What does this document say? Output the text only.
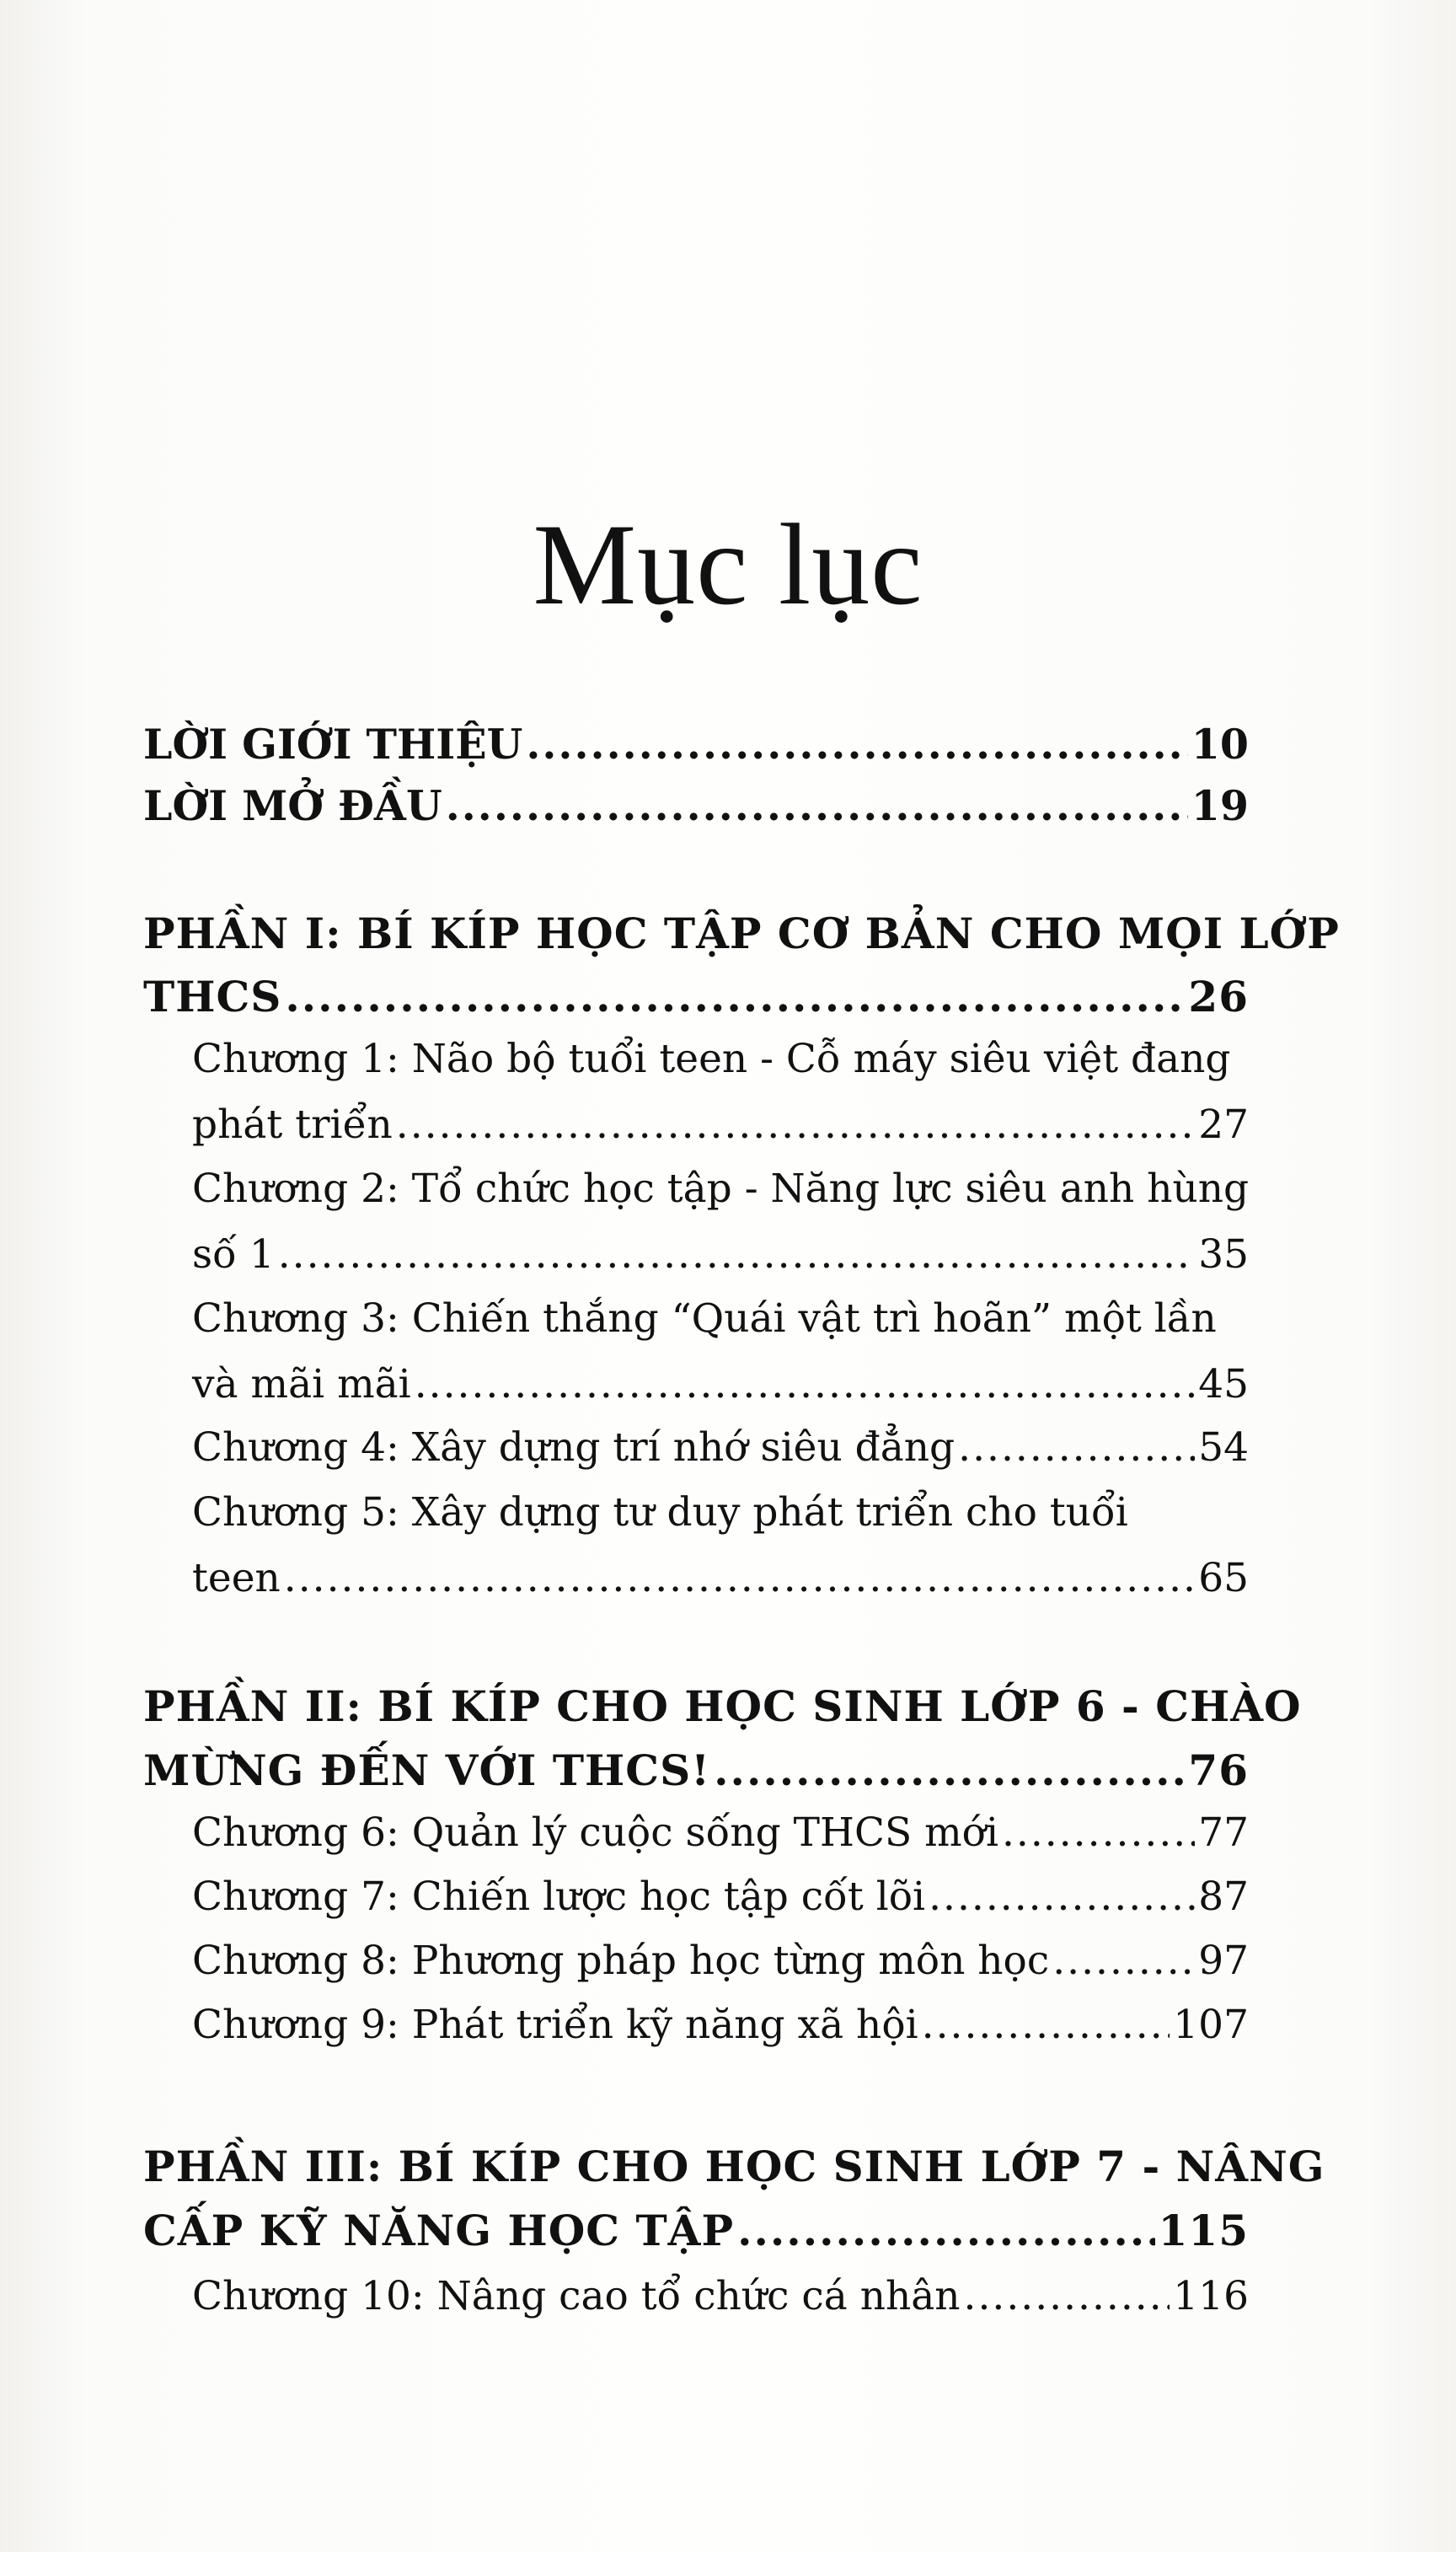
Mục lục
LỜI GIỚI THIỆU .....	10
LỜI MỞ ĐẦU .....	19
PHẦN I: BÍ KÍP HỌC TẬP CƠ BẢN CHO MỌI LỚP
THCS .....	26
Chương 1: Não bộ tuổi teen - Cỗ máy siêu việt đang
phát triển .....	27
Chương 2: Tổ chức học tập - Năng lực siêu anh hùng
số 1 .....	35
Chương 3: Chiến thắng “Quái vật trì hoãn” một lần
và mãi mãi .....	45
Chương 4: Xây dựng trí nhớ siêu đẳng .....	54
Chương 5: Xây dựng tư duy phát triển cho tuổi
teen .....	65
PHẦN II: BÍ KÍP CHO HỌC SINH LỚP 6 - CHÀO
MỪNG ĐẾN VỚI THCS! .....	76
Chương 6: Quản lý cuộc sống THCS mới .....	77
Chương 7: Chiến lược học tập cốt lõi .....	87
Chương 8: Phương pháp học từng môn học .....	97
Chương 9: Phát triển kỹ năng xã hội .....	107
PHẦN III: BÍ KÍP CHO HỌC SINH LỚP 7 - NÂNG
CẤP KỸ NĂNG HỌC TẬP .....	115
Chương 10: Nâng cao tổ chức cá nhân .....	116
